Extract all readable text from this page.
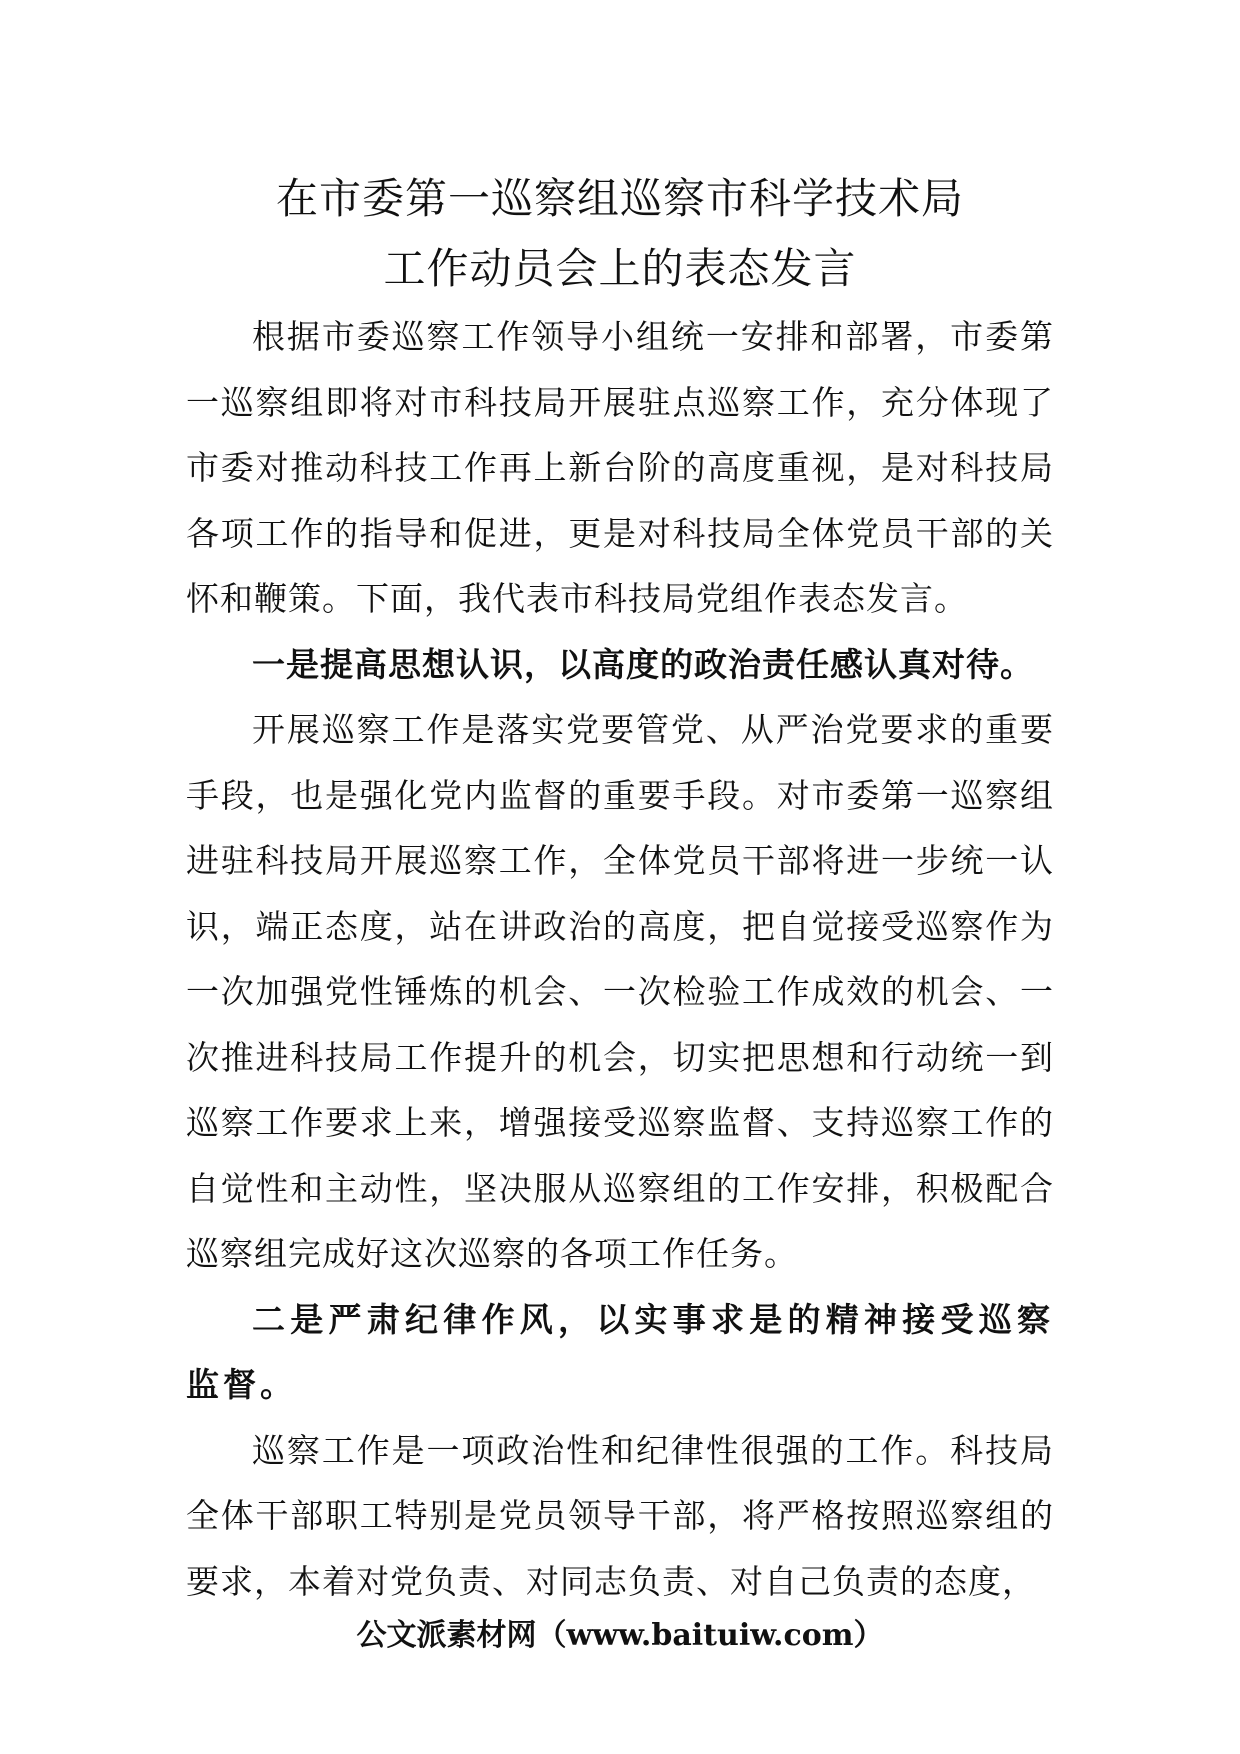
在市委第一巡察组巡察市科学技术局
工作动员会上的表态发言

根据市委巡察工作领导小组统一安排和部署，市委第一巡察组即将对市科技局开展驻点巡察工作，充分体现了市委对推动科技工作再上新台阶的高度重视，是对科技局各项工作的指导和促进，更是对科技局全体党员干部的关怀和鞭策。下面，我代表市科技局党组作表态发言。

一是提高思想认识，以高度的政治责任感认真对待。

开展巡察工作是落实党要管党、从严治党要求的重要手段，也是强化党内监督的重要手段。对市委第一巡察组进驻科技局开展巡察工作，全体党员干部将进一步统一认识，端正态度，站在讲政治的高度，把自觉接受巡察作为一次加强党性锤炼的机会、一次检验工作成效的机会、一次推进科技局工作提升的机会，切实把思想和行动统一到巡察工作要求上来，增强接受巡察监督、支持巡察工作的自觉性和主动性，坚决服从巡察组的工作安排，积极配合巡察组完成好这次巡察的各项工作任务。

二是严肃纪律作风，以实事求是的精神接受巡察监督。

巡察工作是一项政治性和纪律性很强的工作。科技局全体干部职工特别是党员领导干部，将严格按照巡察组的要求，本着对党负责、对同志负责、对自己负责的态度，

公文派素材网（www.baituiw.com）
